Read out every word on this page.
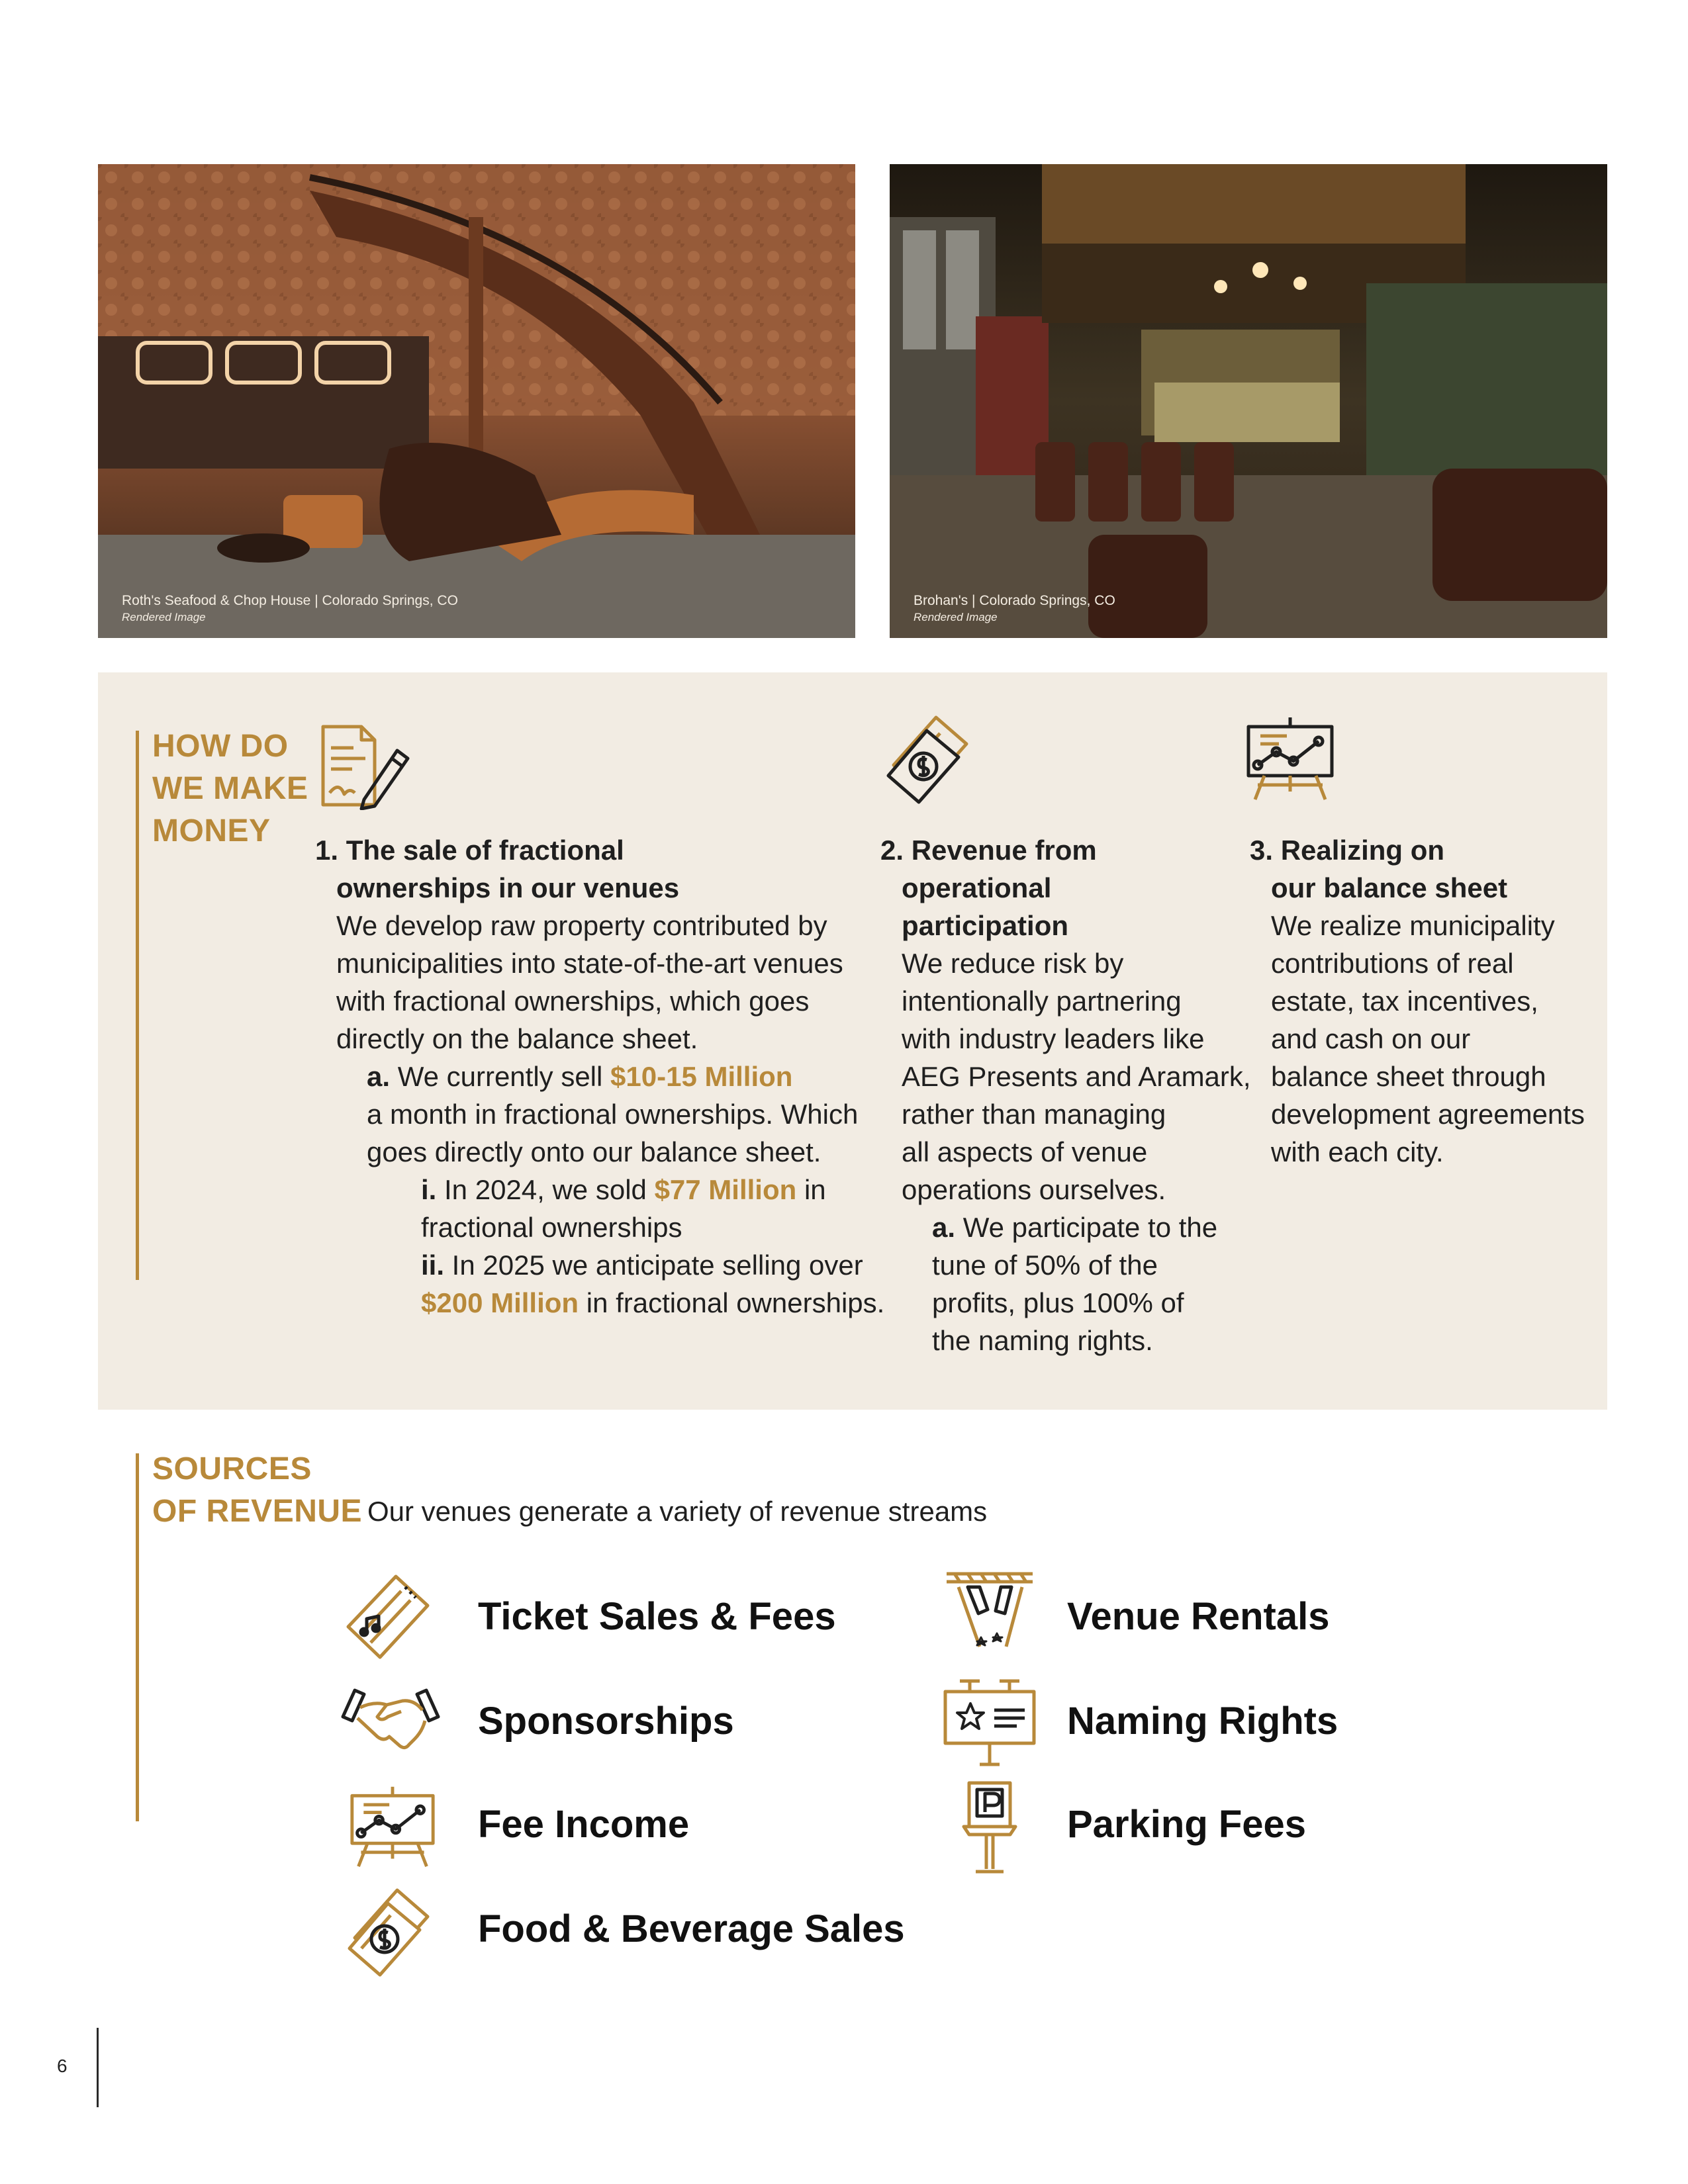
Roth's Seafood & Chop House | Colorado Springs, CO
Rendered Image
Brohan's | Colorado Springs, CO
Rendered Image
HOW DO
WE MAKE
MONEY
1. The sale of fractional
ownerships in our venues
We develop raw property contributed by
municipalities into state-of-the-art venues
with fractional ownerships, which goes
directly on the balance sheet.
a. We currently sell $10-15 Million
a month in fractional ownerships. Which
goes directly onto our balance sheet.
i. In 2024, we sold $77 Million in
fractional ownerships
ii. In 2025 we anticipate selling over
$200 Million in fractional ownerships.
2. Revenue from
operational
participation
We reduce risk by
intentionally partnering
with industry leaders like
AEG Presents and Aramark,
rather than managing
all aspects of venue
operations ourselves.
a. We participate to the
tune of 50% of the
profits, plus 100% of
the naming rights.
3. Realizing on
our balance sheet
We realize municipality
contributions of real
estate, tax incentives,
and cash on our
balance sheet through
development agreements
with each city.
SOURCES
OF REVENUE Our venues generate a variety of revenue streams
Ticket Sales & Fees	Venue Rentals
Sponsorships	Naming Rights
Fee Income	Parking Fees
Food & Beverage Sales
6
